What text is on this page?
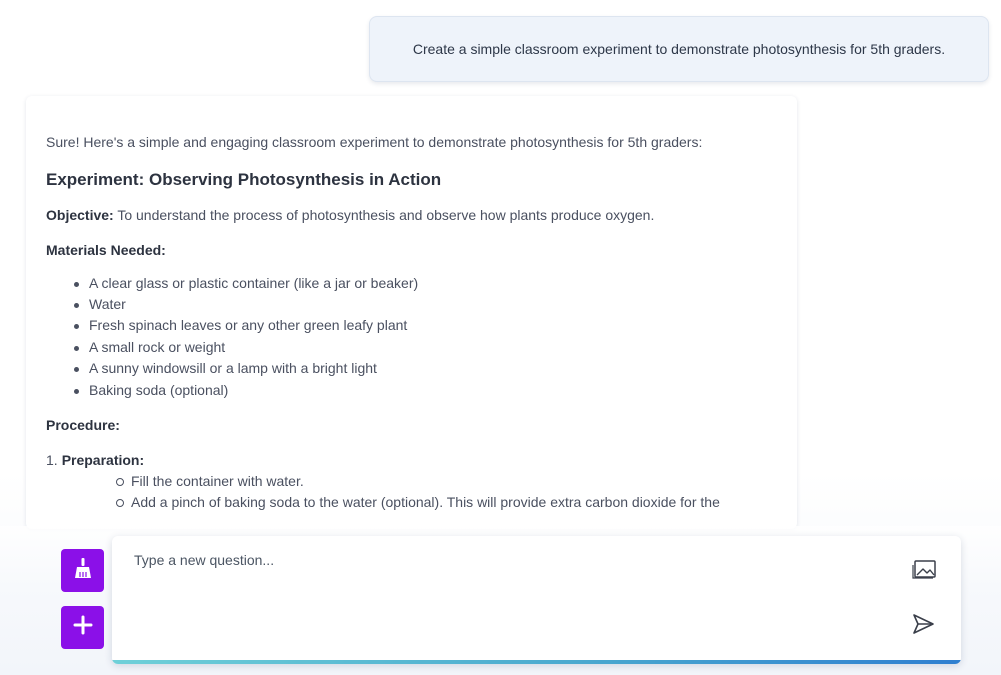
Create a simple classroom experiment to demonstrate photosynthesis for 5th graders.

Sure! Here's a simple and engaging classroom experiment to demonstrate photosynthesis for 5th graders:

Experiment: Observing Photosynthesis in Action

Objective: To understand the process of photosynthesis and observe how plants produce oxygen.

Materials Needed:

A clear glass or plastic container (like a jar or beaker)
Water
Fresh spinach leaves or any other green leafy plant
A small rock or weight
A sunny windowsill or a lamp with a bright light
Baking soda (optional)

Procedure:

1. Preparation:

Fill the container with water.
Add a pinch of baking soda to the water (optional). This will provide extra carbon dioxide for the
Type a new question...
